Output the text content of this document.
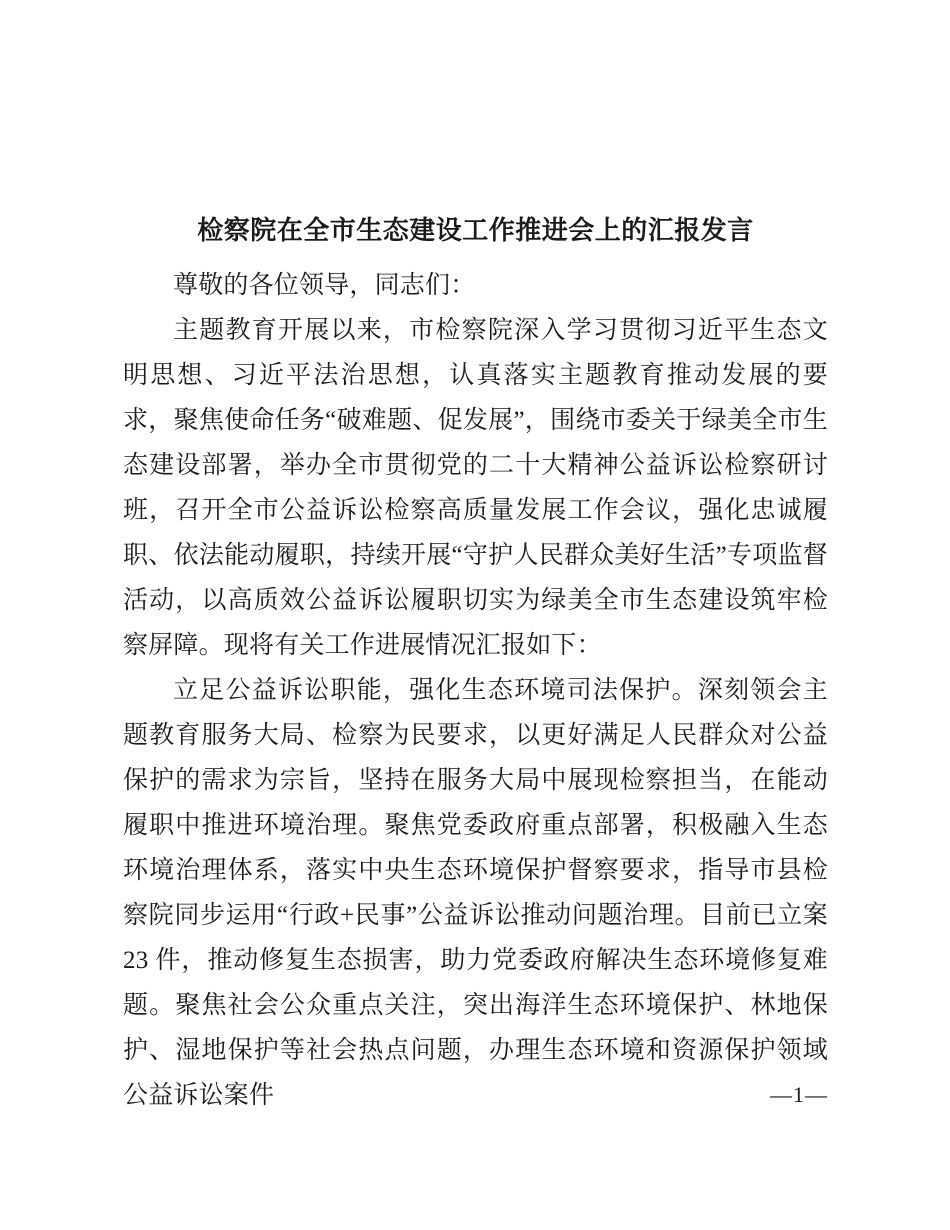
检察院在全市生态建设工作推进会上的汇报发言

尊敬的各位领导，同志们：

主题教育开展以来，市检察院深入学习贯彻习近平生态文明思想、习近平法治思想，认真落实主题教育推动发展的要求，聚焦使命任务“破难题、促发展”，围绕市委关于绿美全市生态建设部署，举办全市贯彻党的二十大精神公益诉讼检察研讨班，召开全市公益诉讼检察高质量发展工作会议，强化忠诚履职、依法能动履职，持续开展“守护人民群众美好生活”专项监督活动，以高质效公益诉讼履职切实为绿美全市生态建设筑牢检察屏障。现将有关工作进展情况汇报如下：

立足公益诉讼职能，强化生态环境司法保护。深刻领会主题教育服务大局、检察为民要求，以更好满足人民群众对公益保护的需求为宗旨，坚持在服务大局中展现检察担当，在能动履职中推进环境治理。聚焦党委政府重点部署，积极融入生态环境治理体系，落实中央生态环境保护督察要求，指导市县检察院同步运用“行政+民事”公益诉讼推动问题治理。目前已立案 23 件，推动修复生态损害，助力党委政府解决生态环境修复难题。聚焦社会公众重点关注，突出海洋生态环境保护、林地保护、湿地保护等社会热点问题，办理生态环境和资源保护领域公益诉讼案件	—1—
